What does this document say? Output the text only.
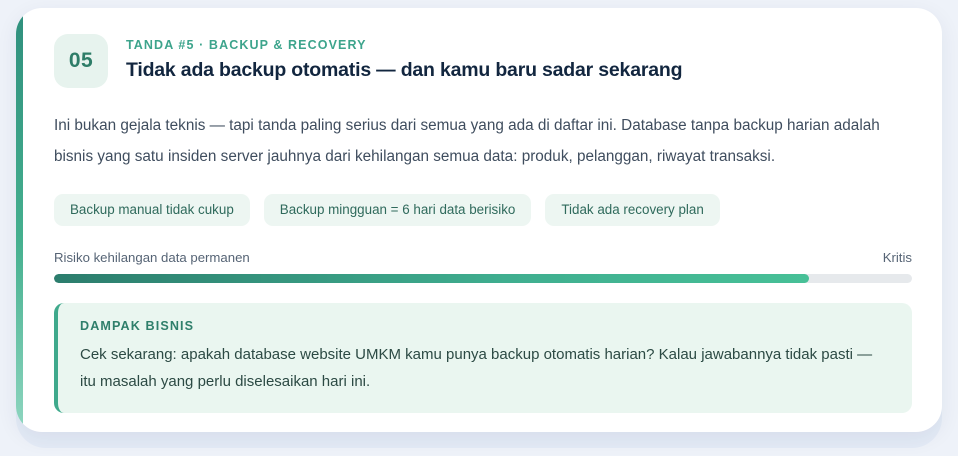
05
TANDA #5 · BACKUP & RECOVERY
Tidak ada backup otomatis — dan kamu baru sadar sekarang
Ini bukan gejala teknis — tapi tanda paling serius dari semua yang ada di daftar ini. Database tanpa backup harian adalah bisnis yang satu insiden server jauhnya dari kehilangan semua data: produk, pelanggan, riwayat transaksi.
Backup manual tidak cukup	Backup mingguan = 6 hari data berisiko	Tidak ada recovery plan
Risiko kehilangan data permanen	Kritis
DAMPAK BISNIS
Cek sekarang: apakah database website UMKM kamu punya backup otomatis harian? Kalau jawabannya tidak pasti — itu masalah yang perlu diselesaikan hari ini.
